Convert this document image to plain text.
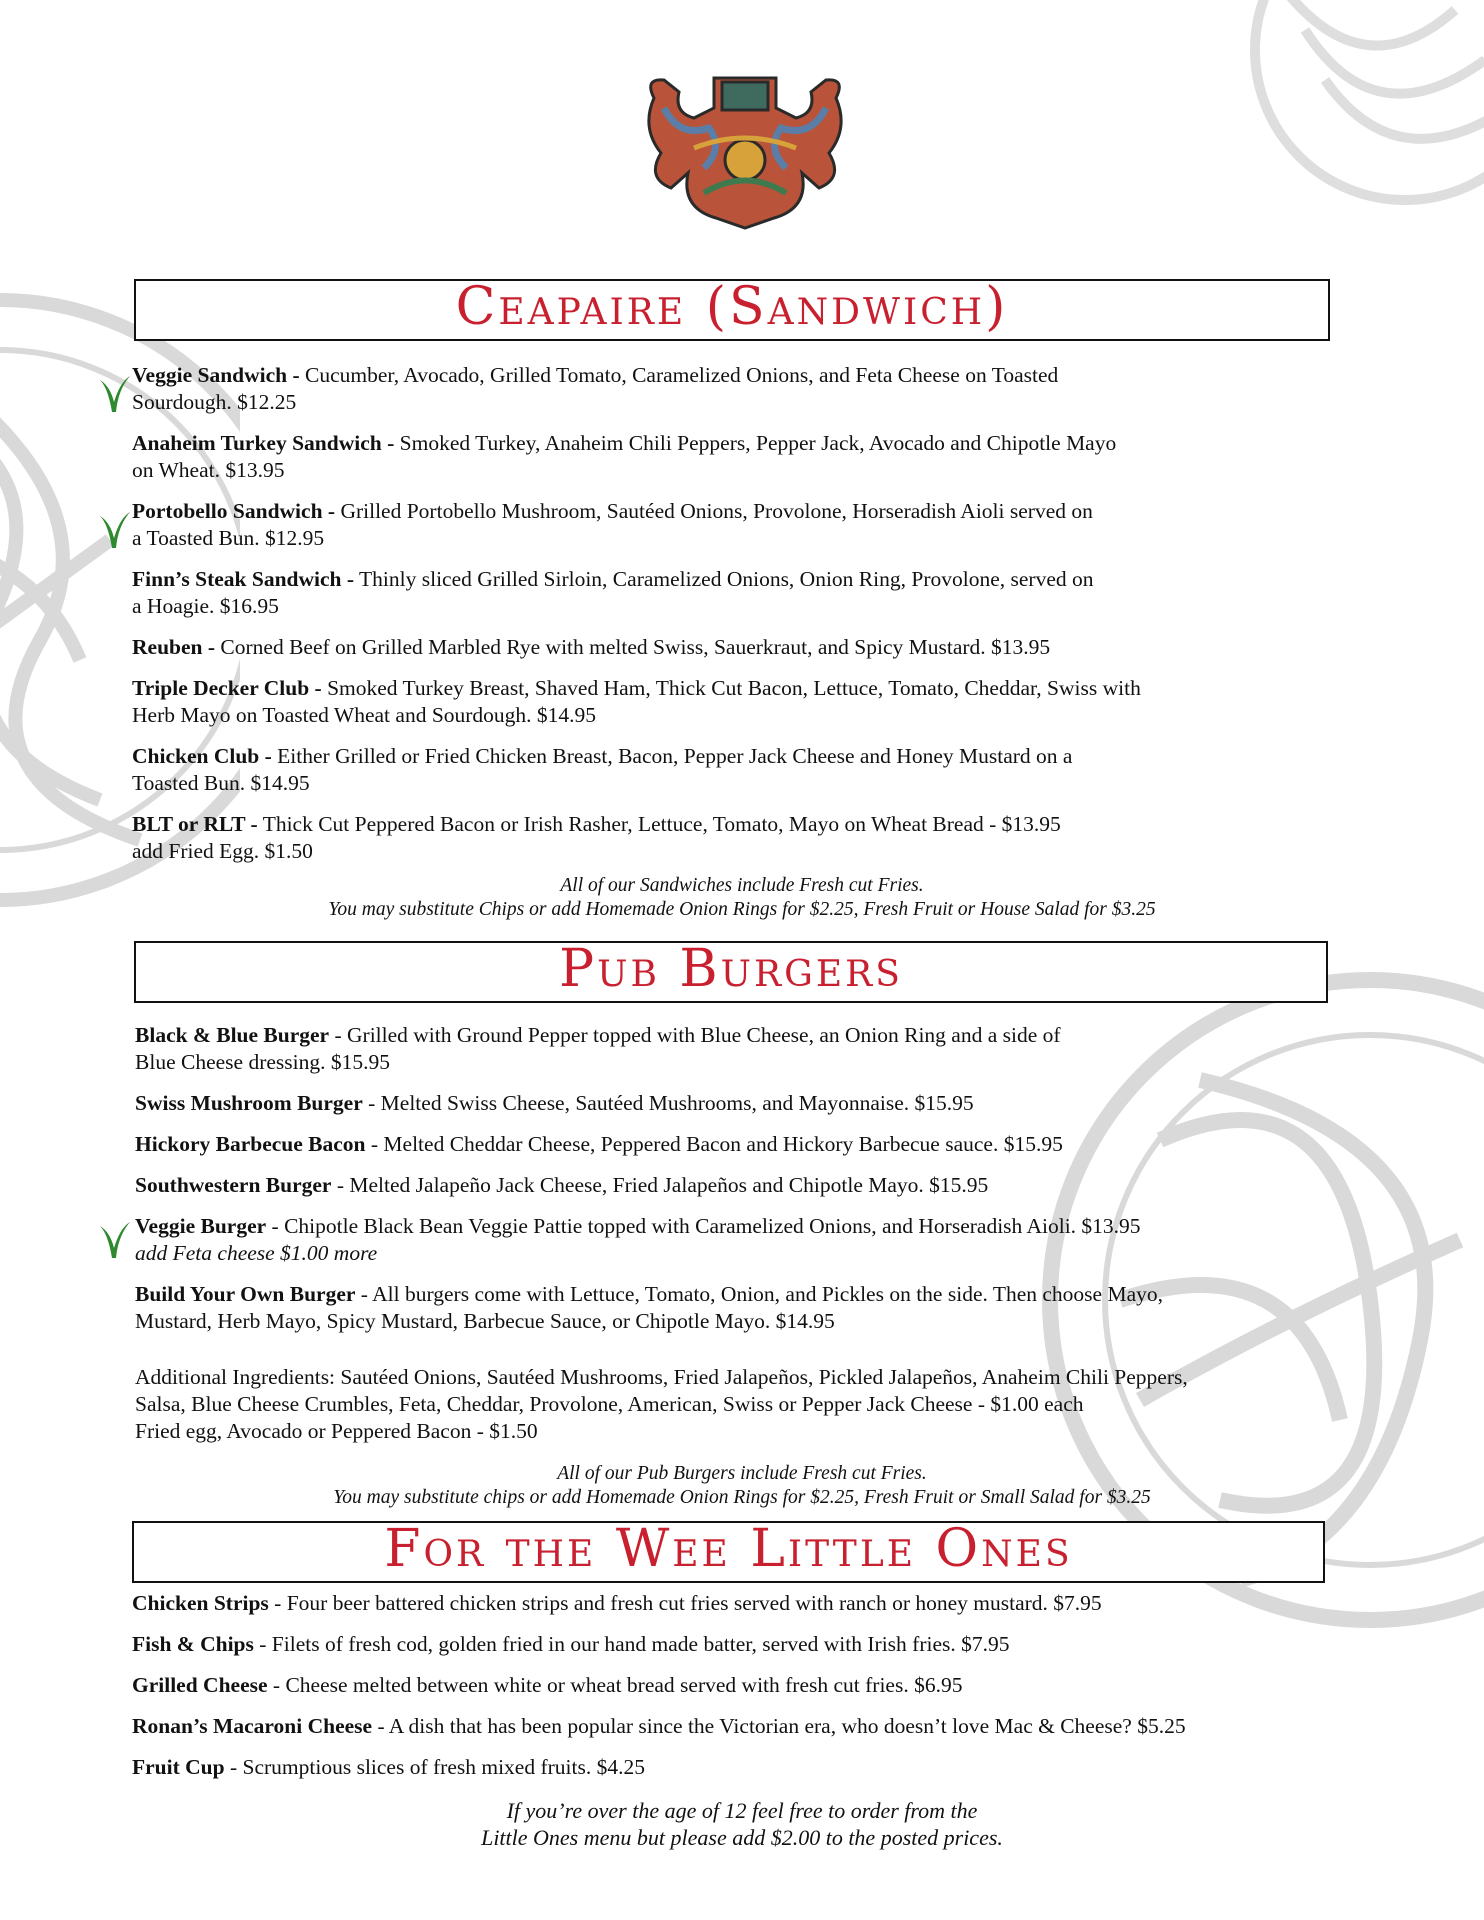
Ceapaire (Sandwich)
Veggie Sandwich - Cucumber, Avocado, Grilled Tomato, Caramelized Onions, and Feta Cheese on Toasted
Sourdough. $12.25
Anaheim Turkey Sandwich - Smoked Turkey, Anaheim Chili Peppers, Pepper Jack, Avocado and Chipotle Mayo
on Wheat. $13.95
Portobello Sandwich - Grilled Portobello Mushroom, Sautéed Onions, Provolone, Horseradish Aioli served on
a Toasted Bun. $12.95
Finn’s Steak Sandwich - Thinly sliced Grilled Sirloin, Caramelized Onions, Onion Ring, Provolone, served on
a Hoagie. $16.95
Reuben - Corned Beef on Grilled Marbled Rye with melted Swiss, Sauerkraut, and Spicy Mustard. $13.95
Triple Decker Club - Smoked Turkey Breast, Shaved Ham, Thick Cut Bacon, Lettuce, Tomato, Cheddar, Swiss with
Herb Mayo on Toasted Wheat and Sourdough. $14.95
Chicken Club - Either Grilled or Fried Chicken Breast, Bacon, Pepper Jack Cheese and Honey Mustard on a
Toasted Bun. $14.95
BLT or RLT - Thick Cut Peppered Bacon or Irish Rasher, Lettuce, Tomato, Mayo on Wheat Bread - $13.95
add Fried Egg. $1.50
All of our Sandwiches include Fresh cut Fries.
You may substitute Chips or add Homemade Onion Rings for $2.25, Fresh Fruit or House Salad for $3.25
Pub Burgers
Black & Blue Burger - Grilled with Ground Pepper topped with Blue Cheese, an Onion Ring and a side of
Blue Cheese dressing. $15.95
Swiss Mushroom Burger - Melted Swiss Cheese, Sautéed Mushrooms, and Mayonnaise. $15.95
Hickory Barbecue Bacon - Melted Cheddar Cheese, Peppered Bacon and Hickory Barbecue sauce. $15.95
Southwestern Burger - Melted Jalapeño Jack Cheese, Fried Jalapeños and Chipotle Mayo. $15.95
Veggie Burger - Chipotle Black Bean Veggie Pattie topped with Caramelized Onions, and Horseradish Aioli. $13.95
add Feta cheese $1.00 more
Build Your Own Burger - All burgers come with Lettuce, Tomato, Onion, and Pickles on the side. Then choose Mayo,
Mustard, Herb Mayo, Spicy Mustard, Barbecue Sauce, or Chipotle Mayo. $14.95
Additional Ingredients: Sautéed Onions, Sautéed Mushrooms, Fried Jalapeños, Pickled Jalapeños, Anaheim Chili Peppers,
Salsa, Blue Cheese Crumbles, Feta, Cheddar, Provolone, American, Swiss or Pepper Jack Cheese - $1.00 each
Fried egg, Avocado or Peppered Bacon - $1.50
All of our Pub Burgers include Fresh cut Fries.
You may substitute chips or add Homemade Onion Rings for $2.25, Fresh Fruit or Small Salad for $3.25
For the Wee Little Ones
Chicken Strips - Four beer battered chicken strips and fresh cut fries served with ranch or honey mustard. $7.95
Fish & Chips - Filets of fresh cod, golden fried in our hand made batter, served with Irish fries. $7.95
Grilled Cheese - Cheese melted between white or wheat bread served with fresh cut fries. $6.95
Ronan’s Macaroni Cheese - A dish that has been popular since the Victorian era, who doesn’t love Mac & Cheese? $5.25
Fruit Cup - Scrumptious slices of fresh mixed fruits. $4.25
If you’re over the age of 12 feel free to order from the
Little Ones menu but please add $2.00 to the posted prices.
